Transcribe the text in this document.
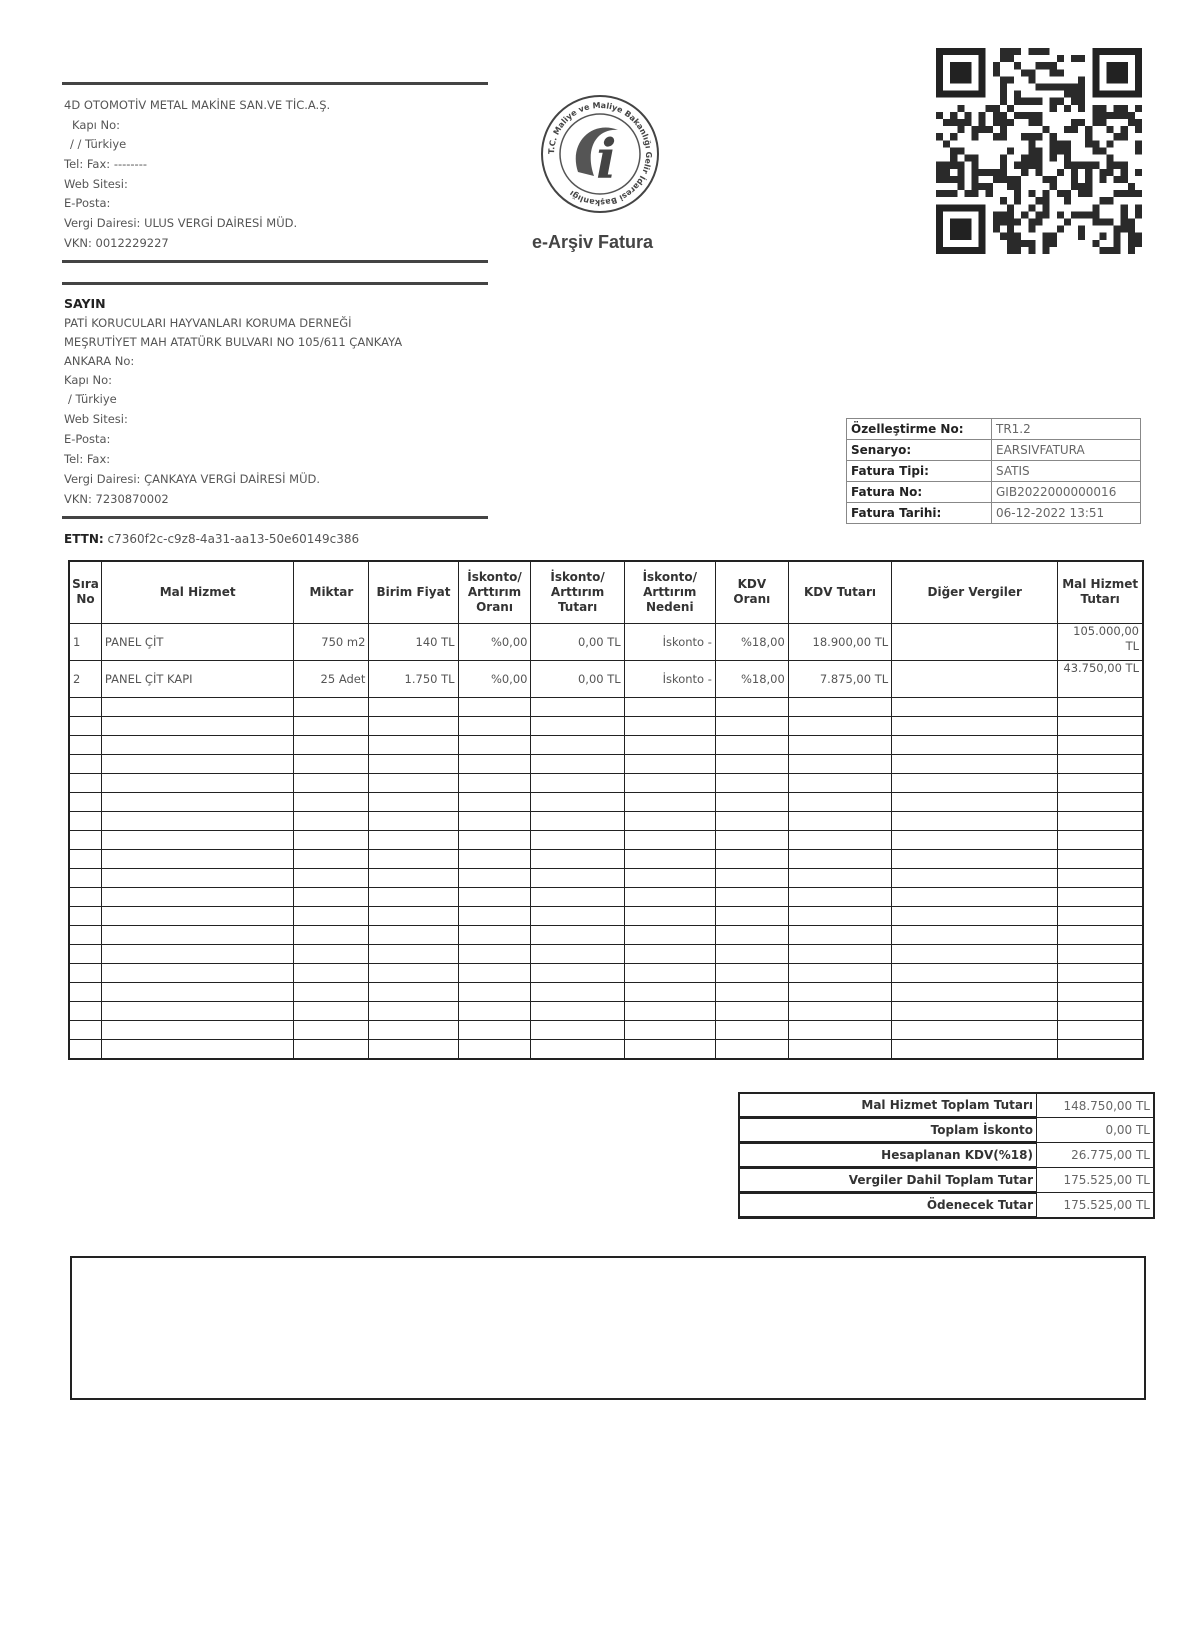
4D OTOMOTİV METAL MAKİNE SAN.VE TİC.A.Ş.
Kapı No:
/ / Türkiye
Tel: Fax: --------
Web Sitesi:
E-Posta:
Vergi Dairesi: ULUS VERGİ DAİRESİ MÜD.
VKN: 0012229227
T.C. Maliye ve Maliye Bakanlığı Gelir İdaresi Başkanlığı
i
e-Arşiv Fatura
SAYIN
PATİ KORUCULARI HAYVANLARI KORUMA DERNEĞİ
MEŞRUTİYET MAH ATATÜRK BULVARI NO 105/611 ÇANKAYA
ANKARA No:
Kapı No:
/ Türkiye
Web Sitesi:
E-Posta:
Tel: Fax:
Vergi Dairesi: ÇANKAYA VERGİ DAİRESİ MÜD.
VKN: 7230870002
Özelleştirme No:	TR1.2
Senaryo:	EARSIVFATURA
Fatura Tipi:	SATIS
Fatura No:	GIB2022000000016
Fatura Tarihi:	06-12-2022 13:51
ETTN: c7360f2c-c9z8-4a31-aa13-50e60149c386
Sıra No	Mal Hizmet	Miktar	Birim Fiyat	İskonto/ Arttırım Oranı	İskonto/ Arttırım Tutarı	İskonto/ Arttırım Nedeni	KDV Oranı	KDV Tutarı	Diğer Vergiler	Mal Hizmet Tutarı
1	PANEL ÇİT	750 m2	140 TL	%0,00	0,00 TL	İskonto -	%18,00	18.900,00 TL		105.000,00 TL
2	PANEL ÇİT KAPI	25 Adet	1.750 TL	%0,00	0,00 TL	İskonto -	%18,00	7.875,00 TL		43.750,00 TL

Mal Hizmet Toplam Tutarı	148.750,00 TL
Toplam İskonto	0,00 TL
Hesaplanan KDV(%18)	26.775,00 TL
Vergiler Dahil Toplam Tutar	175.525,00 TL
Ödenecek Tutar	175.525,00 TL
